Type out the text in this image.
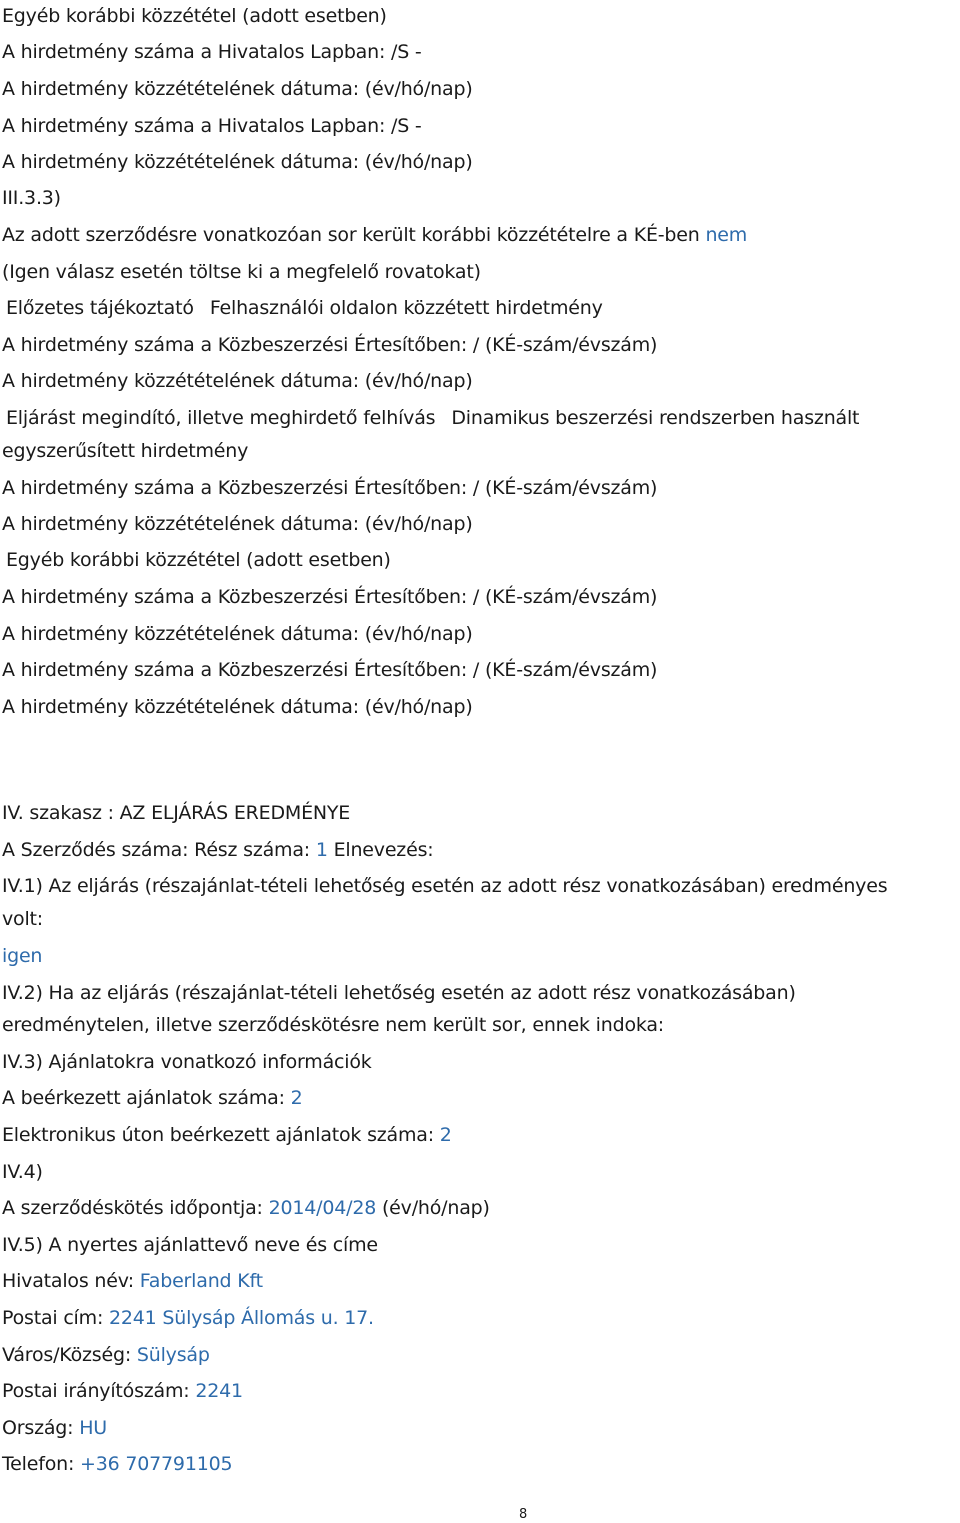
Egyéb korábbi közzététel (adott esetben)
A hirdetmény száma a Hivatalos Lapban: /S -
A hirdetmény közzétételének dátuma: (év/hó/nap)
A hirdetmény száma a Hivatalos Lapban: /S -
A hirdetmény közzétételének dátuma: (év/hó/nap)
III.3.3)
Az adott szerződésre vonatkozóan sor került korábbi közzétételre a KÉ-ben nem
(Igen válasz esetén töltse ki a megfelelő rovatokat)
Előzetes tájékoztató Felhasználói oldalon közzétett hirdetmény
A hirdetmény száma a Közbeszerzési Értesítőben: / (KÉ-szám/évszám)
A hirdetmény közzétételének dátuma: (év/hó/nap)
Eljárást megindító, illetve meghirdető felhívás Dinamikus beszerzési rendszerben használt
egyszerűsített hirdetmény
A hirdetmény száma a Közbeszerzési Értesítőben: / (KÉ-szám/évszám)
A hirdetmény közzétételének dátuma: (év/hó/nap)
Egyéb korábbi közzététel (adott esetben)
A hirdetmény száma a Közbeszerzési Értesítőben: / (KÉ-szám/évszám)
A hirdetmény közzétételének dátuma: (év/hó/nap)
A hirdetmény száma a Közbeszerzési Értesítőben: / (KÉ-szám/évszám)
A hirdetmény közzétételének dátuma: (év/hó/nap)
IV. szakasz : AZ ELJÁRÁS EREDMÉNYE
A Szerződés száma: Rész száma: 1 Elnevezés:
IV.1) Az eljárás (részajánlat-tételi lehetőség esetén az adott rész vonatkozásában) eredményes
volt:
igen
IV.2) Ha az eljárás (részajánlat-tételi lehetőség esetén az adott rész vonatkozásában)
eredménytelen, illetve szerződéskötésre nem került sor, ennek indoka:
IV.3) Ajánlatokra vonatkozó információk
A beérkezett ajánlatok száma: 2
Elektronikus úton beérkezett ajánlatok száma: 2
IV.4)
A szerződéskötés időpontja: 2014/04/28 (év/hó/nap)
IV.5) A nyertes ajánlattevő neve és címe
Hivatalos név: Faberland Kft
Postai cím: 2241 Sülysáp Állomás u. 17.
Város/Község: Sülysáp
Postai irányítószám: 2241
Ország: HU
Telefon: +36 707791105
8
